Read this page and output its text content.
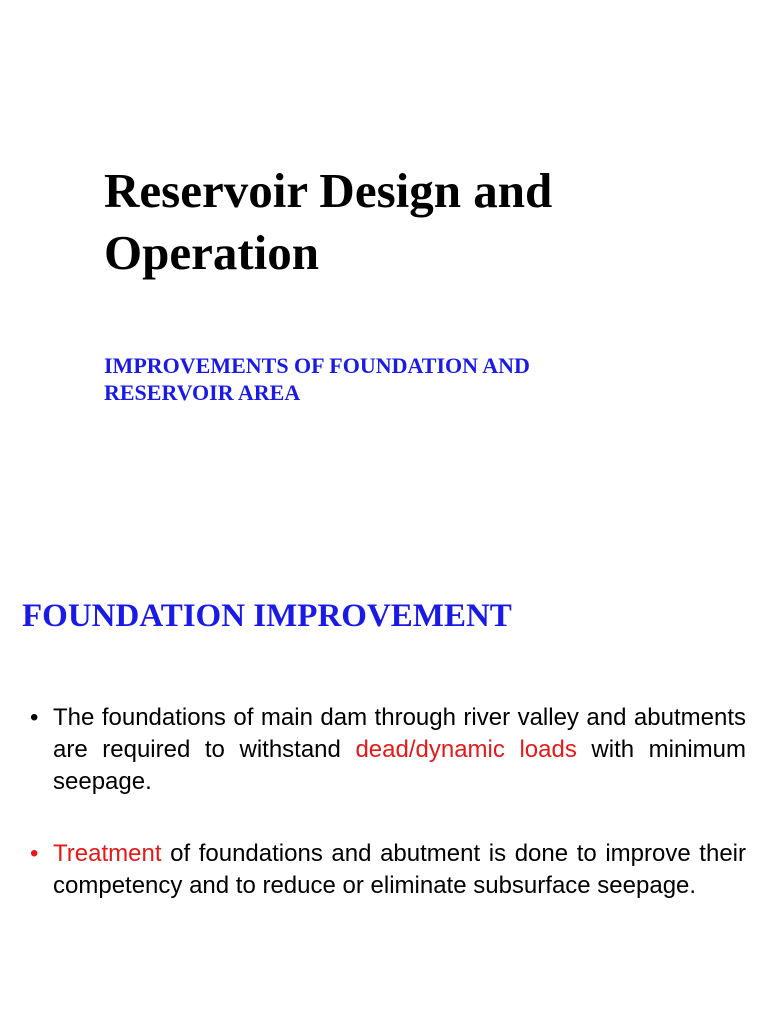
Reservoir Design and
Operation
IMPROVEMENTS OF FOUNDATION AND
RESERVOIR AREA
FOUNDATION IMPROVEMENT
• The foundations of main dam through river valley and abutments are required to withstand dead/dynamic loads with minimum seepage.
• Treatment of foundations and abutment is done to improve their competency and to reduce or eliminate subsurface seepage.
